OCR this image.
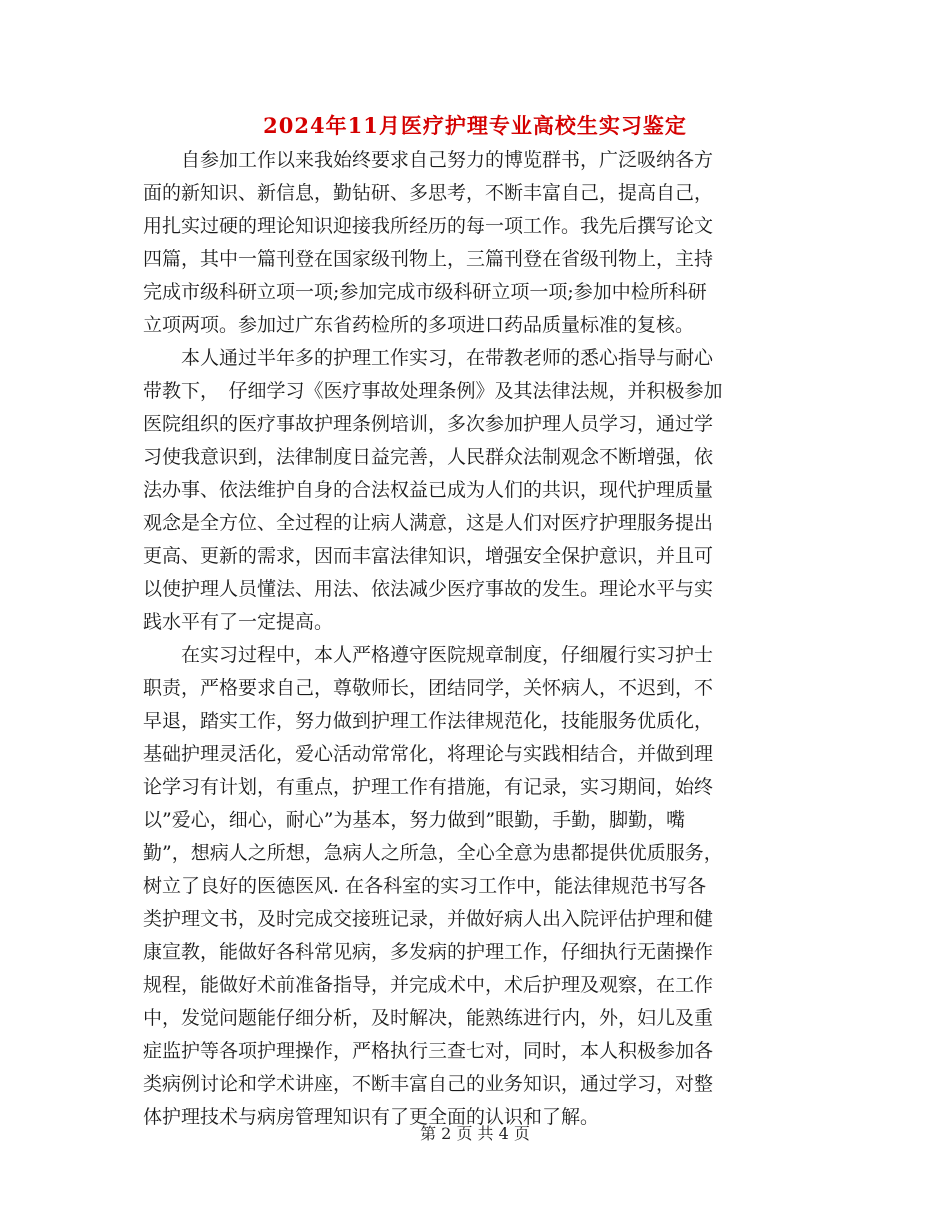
2024年11月医疗护理专业高校生实习鉴定

　　自参加工作以来我始终要求自己努力的博览群书，广泛吸纳各方

面的新知识、新信息，勤钻研、多思考，不断丰富自己，提高自己，

用扎实过硬的理论知识迎接我所经历的每一项工作。我先后撰写论文

四篇，其中一篇刊登在国家级刊物上，三篇刊登在省级刊物上，主持

完成市级科研立项一项;参加完成市级科研立项一项;参加中检所科研

立项两项。参加过广东省药检所的多项进口药品质量标准的复核。

　　本人通过半年多的护理工作实习，在带教老师的悉心指导与耐心

带教下，　仔细学习《医疗事故处理条例》及其法律法规，并积极参加

医院组织的医疗事故护理条例培训，多次参加护理人员学习，通过学

习使我意识到，法律制度日益完善，人民群众法制观念不断增强，依

法办事、依法维护自身的合法权益已成为人们的共识，现代护理质量

观念是全方位、全过程的让病人满意，这是人们对医疗护理服务提出

更高、更新的需求，因而丰富法律知识，增强安全保护意识，并且可

以使护理人员懂法、用法、依法减少医疗事故的发生。理论水平与实

践水平有了一定提高。

　　在实习过程中，本人严格遵守医院规章制度，仔细履行实习护士

职责，严格要求自己，尊敬师长，团结同学，关怀病人，不迟到，不

早退，踏实工作，努力做到护理工作法律规范化，技能服务优质化，

基础护理灵活化，爱心活动常常化，将理论与实践相结合，并做到理

论学习有计划，有重点，护理工作有措施，有记录，实习期间，始终

以”爱心，细心，耐心”为基本，努力做到”眼勤，手勤，脚勤，嘴

勤”，想病人之所想，急病人之所急，全心全意为患都提供优质服务，

树立了良好的医德医风. 在各科室的实习工作中，能法律规范书写各

类护理文书，及时完成交接班记录，并做好病人出入院评估护理和健

康宣教，能做好各科常见病，多发病的护理工作，仔细执行无菌操作

规程，能做好术前准备指导，并完成术中，术后护理及观察，在工作

中，发觉问题能仔细分析，及时解决，能熟练进行内，外，妇儿及重

症监护等各项护理操作，严格执行三查七对，同时，本人积极参加各

类病例讨论和学术讲座，不断丰富自己的业务知识，通过学习，对整

体护理技术与病房管理知识有了更全面的认识和了解。

第 2 页 共 4 页
